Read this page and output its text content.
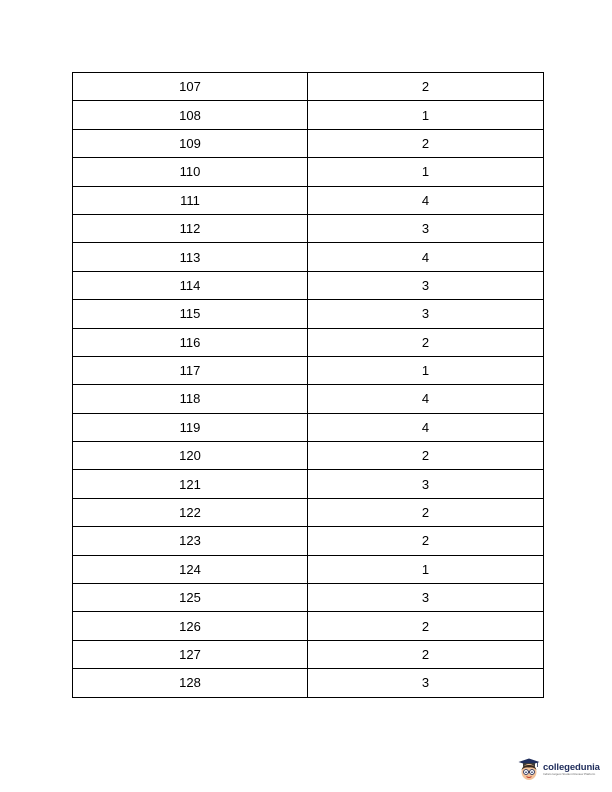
107	2
108	1
109	2
110	1
111	4
112	3
113	4
114	3
115	3
116	2
117	1
118	4
119	4
120	2
121	3
122	2
123	2
124	1
125	3
126	2
127	2
128	3
collegedunia
India's largest Student Review Platform
